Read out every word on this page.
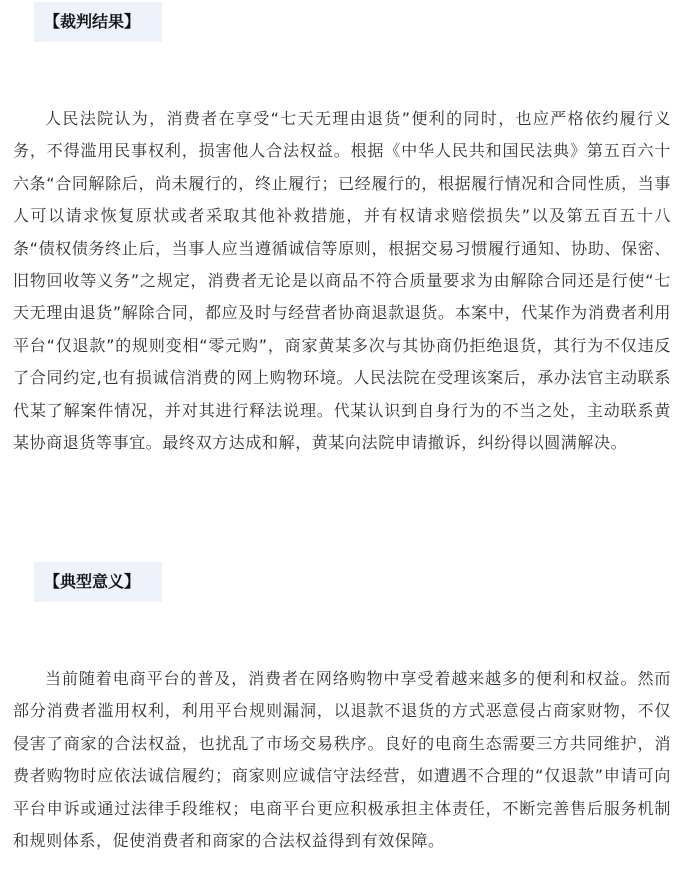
【裁判结果】

人民法院认为，消费者在享受“七天无理由退货”便利的同时，也应严格依约履行义务，不得滥用民事权利，损害他人合法权益。根据《中华人民共和国民法典》第五百六十六条“合同解除后，尚未履行的，终止履行；已经履行的，根据履行情况和合同性质，当事人可以请求恢复原状或者采取其他补救措施，并有权请求赔偿损失”以及第五百五十八条“债权债务终止后，当事人应当遵循诚信等原则，根据交易习惯履行通知、协助、保密、旧物回收等义务”之规定，消费者无论是以商品不符合质量要求为由解除合同还是行使“七天无理由退货”解除合同，都应及时与经营者协商退款退货。本案中，代某作为消费者利用平台“仅退款”的规则变相“零元购”，商家黄某多次与其协商仍拒绝退货，其行为不仅违反了合同约定,也有损诚信消费的网上购物环境。人民法院在受理该案后，承办法官主动联系代某了解案件情况，并对其进行释法说理。代某认识到自身行为的不当之处，主动联系黄某协商退货等事宜。最终双方达成和解，黄某向法院申请撤诉，纠纷得以圆满解决。

【典型意义】

当前随着电商平台的普及，消费者在网络购物中享受着越来越多的便利和权益。然而部分消费者滥用权利，利用平台规则漏洞，以退款不退货的方式恶意侵占商家财物，不仅侵害了商家的合法权益，也扰乱了市场交易秩序。良好的电商生态需要三方共同维护，消费者购物时应依法诚信履约；商家则应诚信守法经营，如遭遇不合理的“仅退款”申请可向平台申诉或通过法律手段维权；电商平台更应积极承担主体责任，不断完善售后服务机制和规则体系，促使消费者和商家的合法权益得到有效保障。
